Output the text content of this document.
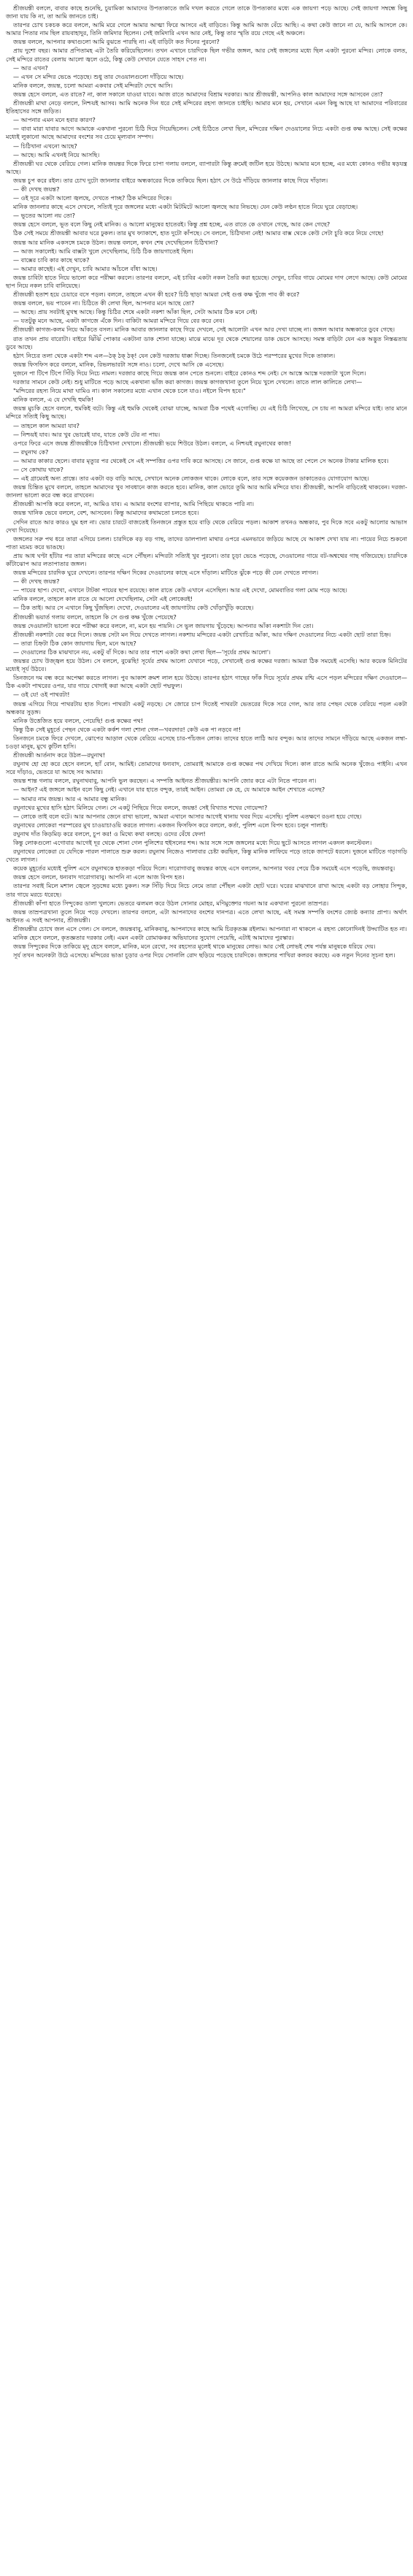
শ্রীজয়ন্তী বললে, বাবার কাছে শুনেছি, চুয়ামিকা আমাদের উপত্যকাতে জমি দখল করতে গেলে তাকে উপত্যকার মধ্যে এক জায়গা পড়ে আছে। সেই জায়গা সম্বন্ধে কিছু জানা যায় কি না, তা আমি জানতে চাই।

তারপর চোখ চকচক করে বললে, আমি মরে গেলে আমার আত্মা ফিরে আসবে এই বাড়িতে। কিন্তু আমি আজ বেঁচে আছি। এ কথা কেউ জানে না যে, আমি আসলে কে। আমার পিতার নাম ছিল রায়বাহাদুর, তিনি জমিদার ছিলেন। সেই জমিদারি এখন আর নেই, কিন্তু তার স্মৃতি রয়ে গেছে এই অঞ্চলে।

জয়ন্ত বললে, আপনার কথাগুলো আমি বুঝতে পারছি না। এই বাড়িটা কত দিনের পুরনো?

প্রায় দুশো বছর। আমার প্রপিতামহ এটা তৈরি করিয়েছিলেন। তখন এখানে চারদিকে ছিল গভীর জঙ্গল, আর সেই জঙ্গলের মধ্যে ছিল একটা পুরনো মন্দির। লোকে বলত, সেই মন্দিরে রাতের বেলায় আলো জ্বলে ওঠে, কিন্তু কেউ সেখানে যেতে সাহস পেত না।

— আর এখন?

— এখন সে মন্দির ভেঙে পড়েছে। শুধু তার দেওয়ালগুলো দাঁড়িয়ে আছে।

মানিক বললে, জয়ন্ত, চলো আমরা একবার সেই মন্দিরটা দেখে আসি।

জয়ন্ত হেসে বললে, এত রাতে? না, কাল সকালে যাওয়া যাবে। আজ রাতে আমাদের বিশ্রাম দরকার। আর শ্রীজয়ন্তী, আপনিও কাল আমাদের সঙ্গে আসবেন তো?

শ্রীজয়ন্তী মাথা নেড়ে বললে, নিশ্চয়ই আসব। আমি অনেক দিন ধরে সেই মন্দিরের রহস্য জানতে চাইছি। আমার মনে হয়, সেখানে এমন কিছু আছে যা আমাদের পরিবারের ইতিহাসের সঙ্গে জড়িত।

— আপনার এমন মনে হবার কারণ?

— বাবা মারা যাবার আগে আমাকে একখানা পুরনো চিঠি দিয়ে গিয়েছিলেন। সেই চিঠিতে লেখা ছিল, মন্দিরের দক্ষিণ দেওয়ালের নিচে একটা গুপ্ত কক্ষ আছে। সেই কক্ষের মধ্যেই লুকানো আছে আমাদের বংশের সব চেয়ে মূল্যবান সম্পদ।

— চিঠিখানা এখনো আছে?

— আছে। আমি এখনই নিয়ে আসছি।

শ্রীজয়ন্তী ঘর থেকে বেরিয়ে গেল। মানিক জয়ন্তর দিকে ফিরে চাপা গলায় বললে, ব্যাপারটা কিন্তু ক্রমেই জটিল হয়ে উঠছে। আমার মনে হচ্ছে, এর মধ্যে কোনও গভীর ষড়যন্ত্র আছে।

জয়ন্ত চুপ করে রইল। তার চোখ দুটো জানলার বাইরে অন্ধকারের দিকে তাকিয়ে ছিল। হঠাৎ সে উঠে দাঁড়িয়ে জানলার কাছে গিয়ে দাঁড়াল।

— কী দেখছ জয়ন্ত?

— ওই দূরে একটা আলো জ্বলছে, দেখতে পাচ্ছ? ঠিক মন্দিরের দিকে।

মানিক জানলার কাছে এসে দেখলে, সত্যিই দূরে জঙ্গলের মধ্যে একটা মিটমিটে আলো জ্বলছে আর নিভছে। যেন কেউ লণ্ঠন হাতে নিয়ে ঘুরে বেড়াচ্ছে।

— ভূতের আলো নয় তো?

জয়ন্ত হেসে বললে, ভূত বলে কিছু নেই মানিক। ও আলো মানুষের হাতেরই। কিন্তু প্রশ্ন হচ্ছে, এত রাতে কে ওখানে গেছে, আর কেন গেছে?

ঠিক সেই সময়ে শ্রীজয়ন্তী আবার ঘরে ঢুকল। তার মুখ ফ্যাকাশে, হাত দুটো কাঁপছে। সে বললে, চিঠিখানা নেই! আমার বাক্স থেকে কেউ সেটা চুরি করে নিয়ে গেছে!

জয়ন্ত আর মানিক একসঙ্গে চমকে উঠল। জয়ন্ত বললে, কখন শেষ দেখেছিলেন চিঠিখানা?

— আজ সকালেই। আমি বাক্সটা খুলে দেখেছিলাম, চিঠি ঠিক জায়গাতেই ছিল।

— বাক্সের চাবি কার কাছে থাকে?

— আমার কাছেই। এই দেখুন, চাবি আমার আঁচলে বাঁধা আছে।

জয়ন্ত চাবিটা হাতে নিয়ে ভালো করে পরীক্ষা করলে। তারপর বললে, এই চাবির একটা নকল তৈরি করা হয়েছে। দেখুন, চাবির গায়ে মোমের দাগ লেগে আছে। কেউ মোমের ছাপ নিয়ে নকল চাবি বানিয়েছে।

শ্রীজয়ন্তী হতাশ হয়ে চেয়ারে বসে পড়ল। বললে, তাহলে এখন কী হবে? চিঠি ছাড়া আমরা সেই গুপ্ত কক্ষ খুঁজে পাব কী করে?

জয়ন্ত বললে, ভয় পাবেন না। চিঠিতে কী লেখা ছিল, আপনার মনে আছে তো?

— আছে। প্রায় সবটাই মুখস্থ আছে। কিন্তু চিঠির শেষে একটা নকশা আঁকা ছিল, সেটা আমার ঠিক মনে নেই।

— যতটুকু মনে আছে, একটা কাগজে এঁকে দিন। বাকিটা আমরা মন্দিরে গিয়ে বের করে নেব।

শ্রীজয়ন্তী কাগজ-কলম নিয়ে আঁকতে বসল। মানিক আবার জানলার কাছে গিয়ে দেখলে, সেই আলোটা এখন আর দেখা যাচ্ছে না। জঙ্গল আবার অন্ধকারে ডুবে গেছে।

রাত তখন প্রায় বারোটা। বাইরে ঝিঁঝিঁ পোকার একটানা ডাক শোনা যাচ্ছে। মাঝে মাঝে দূর থেকে শেয়ালের ডাক ভেসে আসছে। সমস্ত বাড়িটা যেন এক অদ্ভুত নিস্তব্ধতায় ডুবে আছে।

হঠাৎ নিচের তলা থেকে একটা শব্দ এল—ঠক্ ঠক্ ঠক্! যেন কেউ দরজায় ধাক্কা দিচ্ছে। তিনজনেই চমকে উঠে পরস্পরের মুখের দিকে তাকাল।

জয়ন্ত ফিসফিস করে বললে, মানিক, রিভলভারটা সঙ্গে নাও। চলো, দেখে আসি কে এসেছে।

দুজনে পা টিপে টিপে সিঁড়ি দিয়ে নিচে নামল। দরজার কাছে গিয়ে জয়ন্ত কান পেতে শুনলে। বাইরে কোনও শব্দ নেই। সে আস্তে আস্তে দরজাটা খুলে দিলে।

দরজার সামনে কেউ নেই। শুধু মাটিতে পড়ে আছে একখানা ভাঁজ করা কাগজ। জয়ন্ত কাগজখানা তুলে নিয়ে খুলে দেখলে। তাতে লাল কালিতে লেখা—

"মন্দিরের রহস্য নিয়ে মাথা ঘামিও না। কাল সকালের মধ্যে এখান থেকে চলে যাও। নইলে বিপদ হবে।"

মানিক বললে, এ যে দেখছি হুমকি!

জয়ন্ত মুচকি হেসে বললে, হুমকিই বটে। কিন্তু এই হুমকি থেকেই বোঝা যাচ্ছে, আমরা ঠিক পথেই এগোচ্ছি। যে এই চিঠি লিখেছে, সে চায় না আমরা মন্দিরে যাই। তার মানে মন্দিরে সত্যিই কিছু আছে।

— তাহলে কাল আমরা যাব?

— নিশ্চয়ই যাব। আর খুব ভোরেই যাব, যাতে কেউ টের না পায়।

ওপরে ফিরে এসে জয়ন্ত শ্রীজয়ন্তীকে চিঠিখানা দেখালে। শ্রীজয়ন্তী ভয়ে শিউরে উঠল। বললে, এ নিশ্চয়ই রঘুনাথের কাজ!

— রঘুনাথ কে?

— আমার কাকার ছেলে। বাবার মৃত্যুর পর থেকেই সে এই সম্পত্তির ওপর দাবি করে আসছে। সে জানে, গুপ্ত কক্ষে যা আছে তা পেলে সে অনেক টাকার মালিক হবে।

— সে কোথায় থাকে?

— এই গ্রামেরই অন্য প্রান্তে। তার একটা বড় বাড়ি আছে, সেখানে অনেক লোকজন থাকে। লোকে বলে, তার সঙ্গে কয়েকজন ডাকাতেরও যোগাযোগ আছে।

জয়ন্ত চিন্তিত মুখে বললে, তাহলে আমাদের খুব সাবধানে কাজ করতে হবে। মানিক, কাল ভোরে তুমি আর আমি মন্দিরে যাব। শ্রীজয়ন্তী, আপনি বাড়িতেই থাকবেন। দরজা-জানলা ভালো করে বন্ধ করে রাখবেন।

শ্রীজয়ন্তী আপত্তি করে বললে, না, আমিও যাব। এ আমার বংশের ব্যাপার, আমি পিছিয়ে থাকতে পারি না।

জয়ন্ত খানিক ভেবে বললে, বেশ, আসবেন। কিন্তু আমাদের কথামতো চলতে হবে।

সেদিন রাতে আর কারও ঘুম হল না। ভোর চারটে বাজতেই তিনজনে প্রস্তুত হয়ে বাড়ি থেকে বেরিয়ে পড়ল। আকাশ তখনও অন্ধকার, পুব দিকে সবে একটু আলোর আভাস দেখা দিয়েছে।

জঙ্গলের সরু পথ ধরে তারা এগিয়ে চলল। চারদিকে বড় বড় গাছ, তাদের ডালপালা মাথার ওপরে এমনভাবে জড়িয়ে আছে যে আকাশ দেখা যায় না। পায়ের নিচে শুকনো পাতা মচমচ করে ভাঙছে।

প্রায় আধ ঘণ্টা হাঁটার পর তারা মন্দিরের কাছে এসে পৌঁছল। মন্দিরটা সত্যিই খুব পুরনো। তার চূড়া ভেঙে পড়েছে, দেওয়ালের গায়ে বট-অশ্বত্থের গাছ গজিয়েছে। চারদিকে কাঁটাঝোপ আর লতাপাতার জঙ্গল।

জয়ন্ত মন্দিরের চারদিক ঘুরে দেখলে। তারপর দক্ষিণ দিকের দেওয়ালের কাছে এসে দাঁড়াল। মাটিতে ঝুঁকে পড়ে কী যেন দেখতে লাগল।

— কী দেখছ জয়ন্ত?

— পায়ের ছাপ। দেখো, এখানে টাটকা পায়ের ছাপ রয়েছে। কাল রাতে কেউ এখানে এসেছিল। আর এই দেখো, মোমবাতির গলা মোম পড়ে আছে।

মানিক বললে, তাহলে কাল রাতে যে আলো দেখেছিলাম, সেটা এই লোকেরই!

— ঠিক তাই। আর সে এখানে কিছু খুঁজছিল। দেখো, দেওয়ালের এই জায়গাটায় কেউ খোঁড়াখুঁড়ি করেছে।

শ্রীজয়ন্তী ভয়ার্ত গলায় বললে, তাহলে কি সে গুপ্ত কক্ষ খুঁজে পেয়েছে?

জয়ন্ত দেওয়ালটা ভালো করে পরীক্ষা করে বললে, না, মনে হয় পায়নি। সে ভুল জায়গায় খুঁড়েছে। আপনার আঁকা নকশাটা দিন তো।

শ্রীজয়ন্তী নকশাটা বের করে দিলে। জয়ন্ত সেটা মন দিয়ে দেখতে লাগল। নকশায় মন্দিরের একটা রেখাচিত্র আঁকা, আর দক্ষিণ দেওয়ালের নিচে একটা ছোট তারা চিহ্ন।

— তারা চিহ্নটা ঠিক কোন জায়গায় ছিল, মনে আছে?

— দেওয়ালের ঠিক মাঝখানে নয়, একটু বাঁ দিকে। আর তার পাশে একটা কথা লেখা ছিল—'সূর্যের প্রথম আলো'।

জয়ন্তর চোখ উজ্জ্বল হয়ে উঠল। সে বললে, বুঝেছি! সূর্যের প্রথম আলো যেখানে পড়ে, সেখানেই গুপ্ত কক্ষের দরজা। আমরা ঠিক সময়েই এসেছি। আর কয়েক মিনিটের মধ্যেই সূর্য উঠবে।

তিনজনে দম বন্ধ করে অপেক্ষা করতে লাগল। পুব আকাশ ক্রমশ লাল হয়ে উঠছে। তারপর হঠাৎ গাছের ফাঁক দিয়ে সূর্যের প্রথম রশ্মি এসে পড়ল মন্দিরের দক্ষিণ দেওয়ালে—ঠিক একটা পাথরের ওপর, যার গায়ে খোদাই করা আছে একটা ছোট পদ্মফুল।

— ওই যে! ওই পাথরটা!

জয়ন্ত এগিয়ে গিয়ে পাথরটায় হাত দিলে। পাথরটা একটু নড়ছে। সে জোরে চাপ দিতেই পাথরটা ভেতরের দিকে সরে গেল, আর তার পেছন থেকে বেরিয়ে পড়ল একটা অন্ধকার সুড়ঙ্গ।

মানিক উত্তেজিত হয়ে বললে, পেয়েছি! গুপ্ত কক্ষের পথ!

কিন্তু ঠিক সেই মুহূর্তে পেছন থেকে একটা কর্কশ গলা শোনা গেল—খবরদার! কেউ এক পা নড়বে না!

তিনজনে চমকে ফিরে দেখলে, ঝোপের আড়াল থেকে বেরিয়ে এসেছে চার-পাঁচজন লোক। তাদের হাতে লাঠি আর বন্দুক। আর তাদের সামনে দাঁড়িয়ে আছে একজন লম্বা-চওড়া মানুষ, মুখে কুটিল হাসি।

শ্রীজয়ন্তী আর্তনাদ করে উঠল—রঘুনাথ!

রঘুনাথ হো হো করে হেসে বললে, হ্যাঁ বোন, আমিই। তোমাদের ধন্যবাদ, তোমরাই আমাকে গুপ্ত কক্ষের পথ দেখিয়ে দিলে। কাল রাতে আমি অনেক খুঁজেও পাইনি। এখন সরে দাঁড়াও, ভেতরে যা আছে সব আমার।

জয়ন্ত শান্ত গলায় বললে, রঘুনাথবাবু, আপনি ভুল করছেন। এ সম্পত্তি আইনত শ্রীজয়ন্তীর। আপনি জোর করে এটা নিতে পারেন না।

— আইন? এই জঙ্গলে আইন বলে কিছু নেই। এখানে যার হাতে বন্দুক, তারই আইন। তোমরা কে হে, যে আমাকে আইন শেখাতে এসেছ?

— আমার নাম জয়ন্ত। আর এ আমার বন্ধু মানিক।

রঘুনাথের মুখের হাসি হঠাৎ মিলিয়ে গেল। সে একটু পিছিয়ে গিয়ে বললে, জয়ন্ত! সেই বিখ্যাত শখের গোয়েন্দা?

— লোকে তাই বলে বটে। আর আপনার জেনে রাখা ভালো, আমরা এখানে আসার আগেই থানায় খবর দিয়ে এসেছি। পুলিশ এতক্ষণে রওনা হয়ে গেছে।

রঘুনাথের লোকেরা পরস্পরের মুখ চাওয়াচাওয়ি করতে লাগল। একজন ফিসফিস করে বললে, কর্তা, পুলিশ এলে বিপদ হবে। চলুন পালাই।

রঘুনাথ দাঁত কিড়মিড় করে বললে, চুপ কর! ও মিথ্যে কথা বলছে। ওদের বেঁধে ফেল!

কিন্তু লোকগুলো এগোবার আগেই দূর থেকে শোনা গেল পুলিশের হুইসলের শব্দ। আর সঙ্গে সঙ্গে জঙ্গলের মধ্যে দিয়ে ছুটে আসতে লাগল একদল কনস্টেবল।

রঘুনাথের লোকেরা যে যেদিকে পারল পালাতে শুরু করল। রঘুনাথ নিজেও পালাবার চেষ্টা করছিল, কিন্তু মানিক লাফিয়ে পড়ে তাকে জাপটে ধরলে। দুজনে মাটিতে গড়াগড়ি খেতে লাগল।

কয়েক মুহূর্তের মধ্যেই পুলিশ এসে রঘুনাথকে হাতকড়া পরিয়ে দিলে। দারোগাবাবু জয়ন্তর কাছে এসে বললেন, আপনার খবর পেয়ে ঠিক সময়েই এসে পড়েছি, জয়ন্তবাবু।

জয়ন্ত হেসে বললে, ধন্যবাদ দারোগাবাবু। আপনি না এলে আজ বিপদ হত।

তারপর সবাই মিলে মশাল জ্বেলে সুড়ঙ্গের মধ্যে ঢুকল। সরু সিঁড়ি দিয়ে নিচে নেমে তারা পৌঁছল একটা ছোট ঘরে। ঘরের মাঝখানে রাখা আছে একটা বড় লোহার সিন্দুক, তার গায়ে মরচে ধরেছে।

শ্রীজয়ন্তী কাঁপা হাতে সিন্দুকের ডালা খুললে। ভেতরে ঝলমল করে উঠল সোনার মোহর, মণিমুক্তোর গয়না আর একখানা পুরনো তাম্রপত্র।

জয়ন্ত তাম্রপত্রখানা তুলে নিয়ে পড়ে দেখলে। তারপর বললে, এটা আপনাদের বংশের দানপত্র। এতে লেখা আছে, এই সমস্ত সম্পত্তি বংশের জ্যেষ্ঠ কন্যার প্রাপ্য। অর্থাৎ আইনত এ সবই আপনার, শ্রীজয়ন্তী।

শ্রীজয়ন্তীর চোখে জল এসে গেল। সে বললে, জয়ন্তবাবু, মানিকবাবু, আপনাদের কাছে আমি চিরকৃতজ্ঞ রইলাম। আপনারা না থাকলে এ রহস্য কোনোদিনই উদ্ঘাটিত হত না।

মানিক হেসে বললে, কৃতজ্ঞতার দরকার নেই। এমন একটা রোমাঞ্চকর অভিযানের সুযোগ পেয়েছি, এটাই আমাদের পুরস্কার।

জয়ন্ত সিন্দুকের দিকে তাকিয়ে মৃদু হেসে বললে, মানিক, মনে রেখো, সব রহস্যের মূলেই থাকে মানুষের লোভ। আর সেই লোভই শেষ পর্যন্ত মানুষকে ধরিয়ে দেয়।

সূর্য তখন অনেকটা উঠে এসেছে। মন্দিরের ভাঙা চূড়ার ওপর দিয়ে সোনালি রোদ ছড়িয়ে পড়েছে চারদিকে। জঙ্গলের পাখিরা কলরব করছে। এক নতুন দিনের সূচনা হল।
